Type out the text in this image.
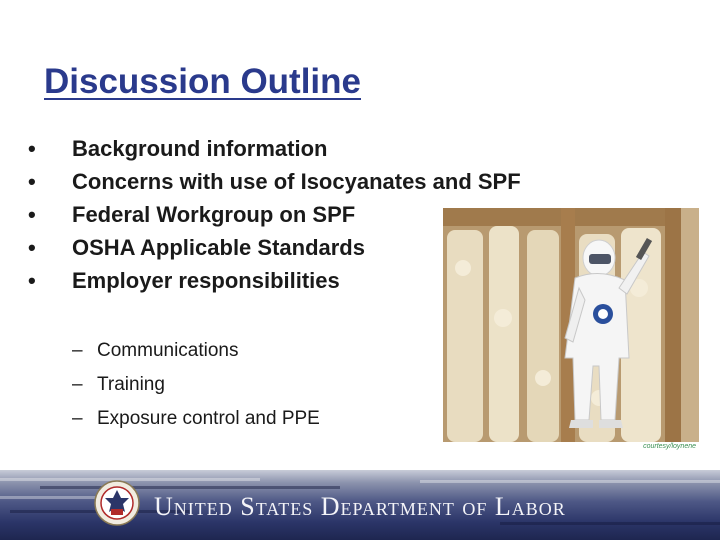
Discussion Outline
• Background information
• Concerns with use of Isocyanates and SPF
• Federal Workgroup on SPF
• OSHA Applicable Standards
• Employer responsibilities
– Communications
– Training
– Exposure control and PPE
courtesy/loynene
United States Department of Labor
